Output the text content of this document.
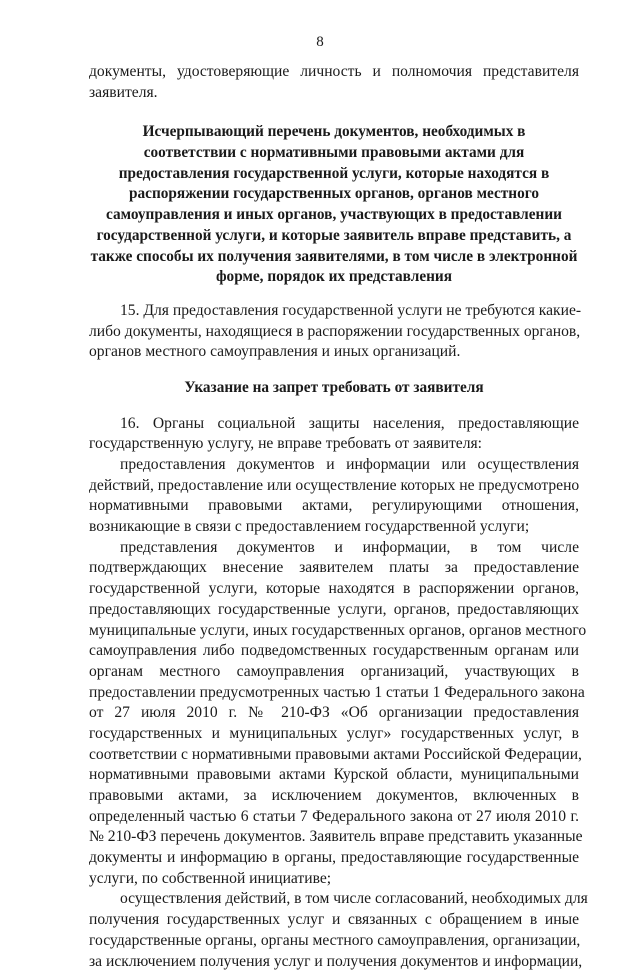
8
документы, удостоверяющие личность и полномочия представителя
заявителя.
Исчерпывающий перечень документов, необходимых в
соответствии с нормативными правовыми актами для
предоставления государственной услуги, которые находятся в
распоряжении государственных органов, органов местного
самоуправления и иных органов, участвующих в предоставлении
государственной услуги, и которые заявитель вправе представить, а
также способы их получения заявителями, в том числе в электронной
форме, порядок их представления
15. Для предоставления государственной услуги не требуются какие-
либо документы, находящиеся в распоряжении государственных органов,
органов местного самоуправления и иных организаций.
Указание на запрет требовать от заявителя
16. Органы социальной защиты населения, предоставляющие
государственную услугу, не вправе требовать от заявителя:
предоставления документов и информации или осуществления
действий, предоставление или осуществление которых не предусмотрено
нормативными правовыми актами, регулирующими отношения,
возникающие в связи с предоставлением государственной услуги;
представления документов и информации, в том числе
подтверждающих внесение заявителем платы за предоставление
государственной услуги, которые находятся в распоряжении органов,
предоставляющих государственные услуги, органов, предоставляющих
муниципальные услуги, иных государственных органов, органов местного
самоуправления либо подведомственных государственным органам или
органам местного самоуправления организаций, участвующих в
предоставлении предусмотренных частью 1 статьи 1 Федерального закона
от 27 июля 2010 г. № 210-ФЗ «Об организации предоставления
государственных и муниципальных услуг» государственных услуг, в
соответствии с нормативными правовыми актами Российской Федерации,
нормативными правовыми актами Курской области, муниципальными
правовыми актами, за исключением документов, включенных в
определенный частью 6 статьи 7 Федерального закона от 27 июля 2010 г.
№ 210-ФЗ перечень документов. Заявитель вправе представить указанные
документы и информацию в органы, предоставляющие государственные
услуги, по собственной инициативе;
осуществления действий, в том числе согласований, необходимых для
получения государственных услуг и связанных с обращением в иные
государственные органы, органы местного самоуправления, организации,
за исключением получения услуг и получения документов и информации,
